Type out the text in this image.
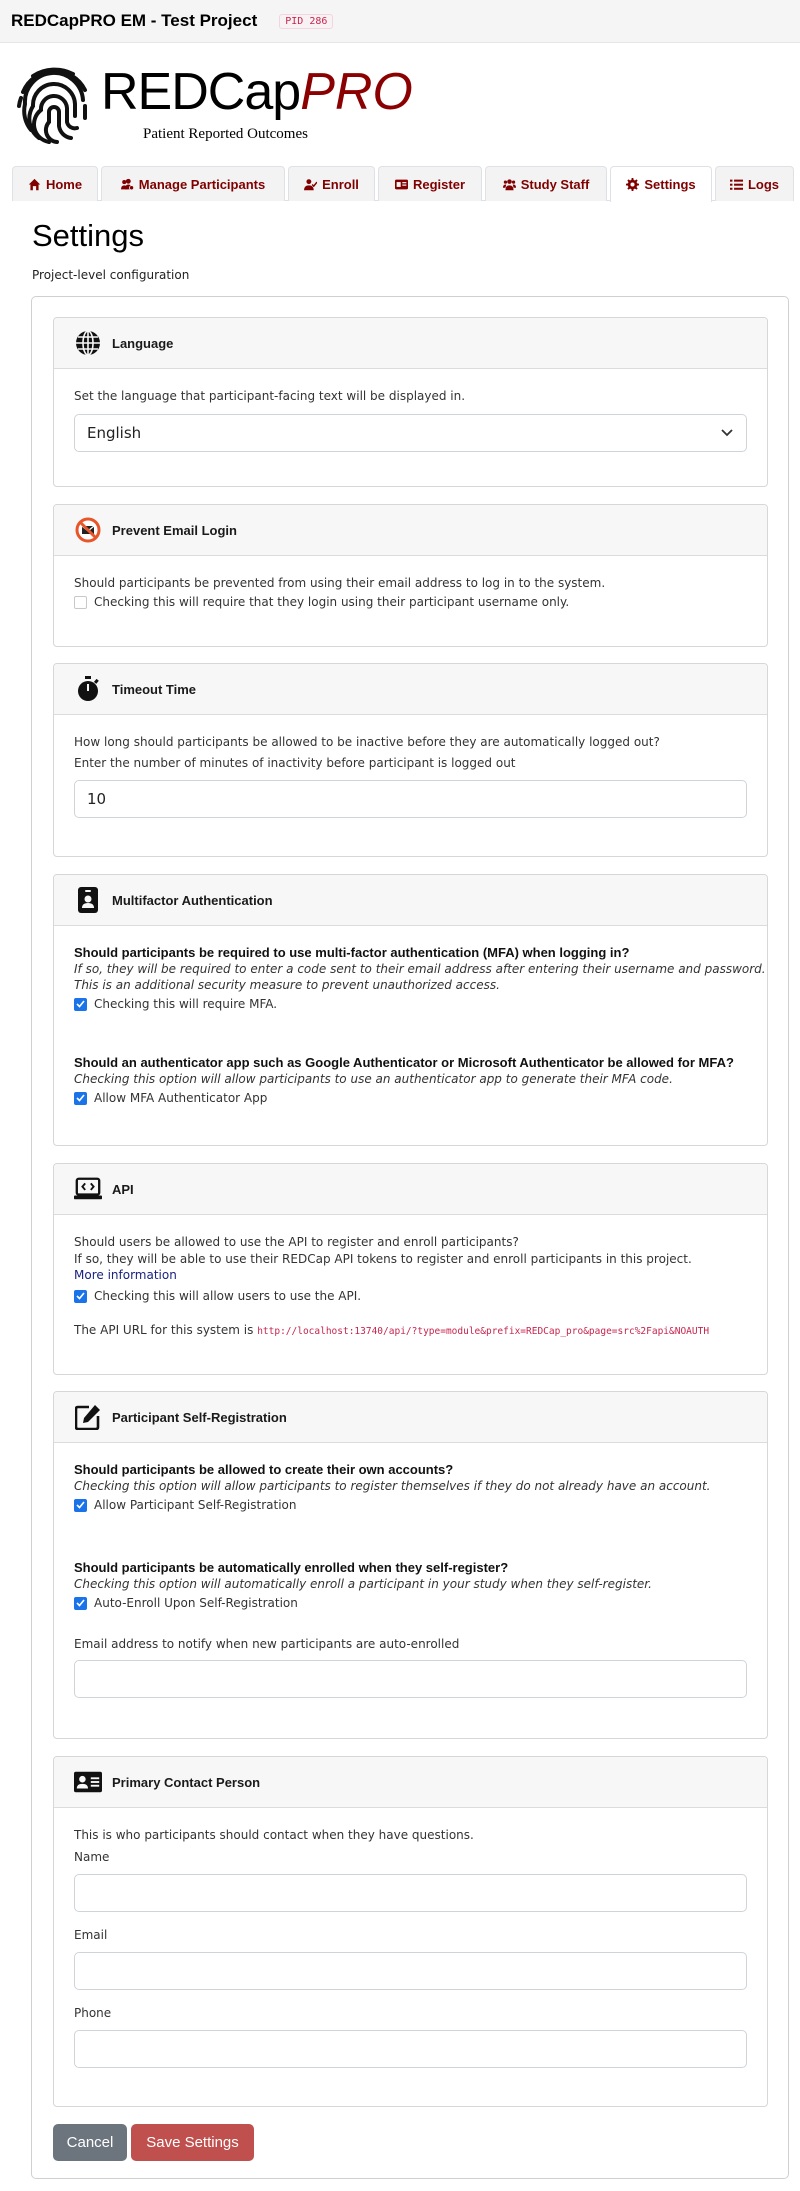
REDCapPRO EM - Test Project	PID 286
REDCapPRO
Patient Reported Outcomes
Home	Manage Participants	Enroll	Register	Study Staff	Settings	Logs
Settings
Project-level configuration
Language
Set the language that participant-facing text will be displayed in.
English
Prevent Email Login
Should participants be prevented from using their email address to log in to the system.
Checking this will require that they login using their participant username only.
Timeout Time
How long should participants be allowed to be inactive before they are automatically logged out?
Enter the number of minutes of inactivity before participant is logged out
10
Multifactor Authentication
Should participants be required to use multi-factor authentication (MFA) when logging in?
If so, they will be required to enter a code sent to their email address after entering their username and password.
This is an additional security measure to prevent unauthorized access.
Checking this will require MFA.
Should an authenticator app such as Google Authenticator or Microsoft Authenticator be allowed for MFA?
Checking this option will allow participants to use an authenticator app to generate their MFA code.
Allow MFA Authenticator App
API
Should users be allowed to use the API to register and enroll participants?
If so, they will be able to use their REDCap API tokens to register and enroll participants in this project.
More information
Checking this will allow users to use the API.
The API URL for this system is http://localhost:13740/api/?type=module&prefix=REDCap_pro&page=src%2Fapi&NOAUTH
Participant Self-Registration
Should participants be allowed to create their own accounts?
Checking this option will allow participants to register themselves if they do not already have an account.
Allow Participant Self-Registration
Should participants be automatically enrolled when they self-register?
Checking this option will automatically enroll a participant in your study when they self-register.
Auto-Enroll Upon Self-Registration
Email address to notify when new participants are auto-enrolled
Primary Contact Person
This is who participants should contact when they have questions.
Name
Email
Phone
Cancel	Save Settings
